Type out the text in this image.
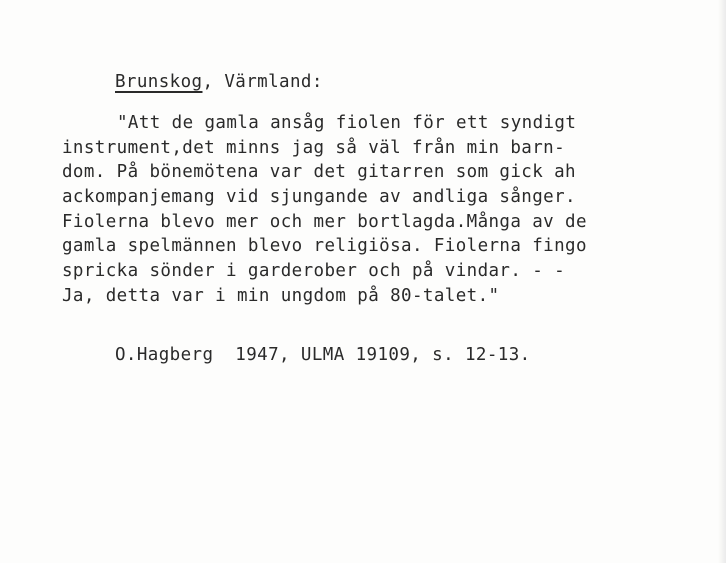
Brunskog, Värmland:
"Att de gamla ansåg fiolen för ett syndigt
instrument,det minns jag så väl från min barn-
dom. På bönemötena var det gitarren som gick ah
ackompanjemang vid sjungande av andliga sånger.
Fiolerna blevo mer och mer bortlagda.Många av de
gamla spelmännen blevo religiösa. Fiolerna fingo
spricka sönder i garderober och på vindar. - -
Ja, detta var i min ungdom på 80-talet."
O.Hagberg  1947, ULMA 19109, s. 12-13.
